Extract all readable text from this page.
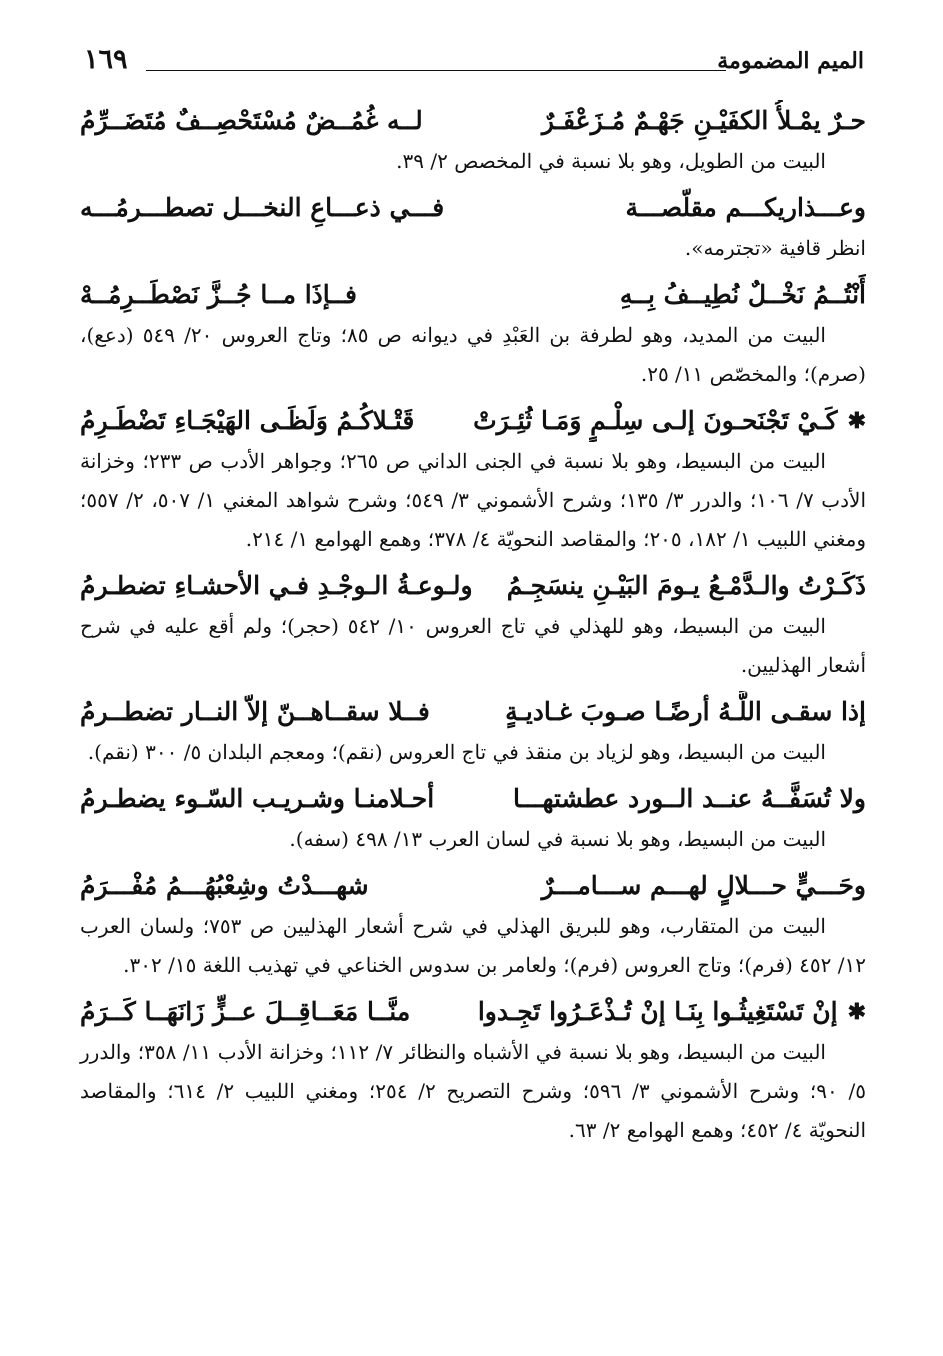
١٦٩	الميم المضمومة
حـرٌ يمْـلأُ الكفَيْـنِ جَهْـمٌ مُـزَعْفَـرٌ
لــه غُمُــضٌ مُسْتَحْصِــفٌ مُتَضَــرِّمُ

البيت من الطويل، وهو بلا نسبة في المخصص ٢/ ٣٩.

وعـــذاريكـــم مقلّصـــة
فـــي ذعـــاعِ النخـــل تصطـــرمُـــه

انظر قافية «تجترمه».

أَنْتُــمُ نَخْــلٌ نُطِيــفُ بِــهِ
فــإذَا مــا جُــزَّ نَصْطَــرِمُــهْ

البيت من المديد، وهو لطرفة بن العَبْدِ في ديوانه ص ٨٥؛ وتاج العروس ٢٠/ ٥٤٩ (دعع)، (صرم)؛ والمخصّص ١١/ ٢٥.

✱
كَـيْ تَجْنَحـونَ إلـى سِلْـمٍ وَمَـا ثُئِـرَتْ
قَتْـلاكُـمُ وَلَظَـى الهَيْجَـاءِ تَضْطَـرِمُ

البيت من البسيط، وهو بلا نسبة في الجنى الداني ص ٢٦٥؛ وجواهر الأدب ص ٢٣٣؛ وخزانة الأدب ٧/ ١٠٦؛ والدرر ٣/ ١٣٥؛ وشرح الأشموني ٣/ ٥٤٩؛ وشرح شواهد المغني ١/ ٥٠٧، ٢/ ٥٥٧؛ ومغني اللبيب ١/ ١٨٢، ٢٠٥؛ والمقاصد النحويّة ٤/ ٣٧٨؛ وهمع الهوامع ١/ ٢١٤.

ذَكَـرْتُ والـدَّمْـعُ يـومَ البَيْـنِ ينسَجِـمُ
ولـوعـةُ الـوجْـدِ فـي الأحشـاءِ تضطـرمُ

البيت من البسيط، وهو للهذلي في تاج العروس ١٠/ ٥٤٢ (حجر)؛ ولم أقع عليه في شرح أشعار الهذليين.

إذا سقـى اللَّـهُ أرضًـا صـوبَ غـاديـةٍ
فــلا سقــاهــنّ إلاّ النــار تضطــرمُ

البيت من البسيط، وهو لزياد بن منقذ في تاج العروس (نقم)؛ ومعجم البلدان ٥/ ٣٠٠ (نقم).

ولا تُسَفَّــهُ عنــد الــورد عطشتهـــا
أحـلامنـا وشـريـب السّـوء يضطـرمُ

البيت من البسيط، وهو بلا نسبة في لسان العرب ١٣/ ٤٩٨ (سفه).

وحَـــيٍّ حـــلالٍ لهـــم ســـامـــرٌ
شهـــدْتُ وشِعْبُهُـــمُ مُفْـــرَمُ

البيت من المتقارب، وهو للبريق الهذلي في شرح أشعار الهذليين ص ٧٥٣؛ ولسان العرب ١٢/ ٤٥٢ (فرم)؛ وتاج العروس (فرم)؛ ولعامر بن سدوس الخناعي في تهذيب اللغة ١٥/ ٣٠٢.

✱
إنْ تَسْتَغِيثُـوا بِنَـا إنْ تُـذْعَـرُوا تَجِـدوا
منَّــا مَعَــاقِــلَ عــزٍّ زَانَهَــا كَــرَمُ

البيت من البسيط، وهو بلا نسبة في الأشباه والنظائر ٧/ ١١٢؛ وخزانة الأدب ١١/ ٣٥٨؛ والدرر ٥/ ٩٠؛ وشرح الأشموني ٣/ ٥٩٦؛ وشرح التصريح ٢/ ٢٥٤؛ ومغني اللبيب ٢/ ٦١٤؛ والمقاصد النحويّة ٤/ ٤٥٢؛ وهمع الهوامع ٢/ ٦٣.
